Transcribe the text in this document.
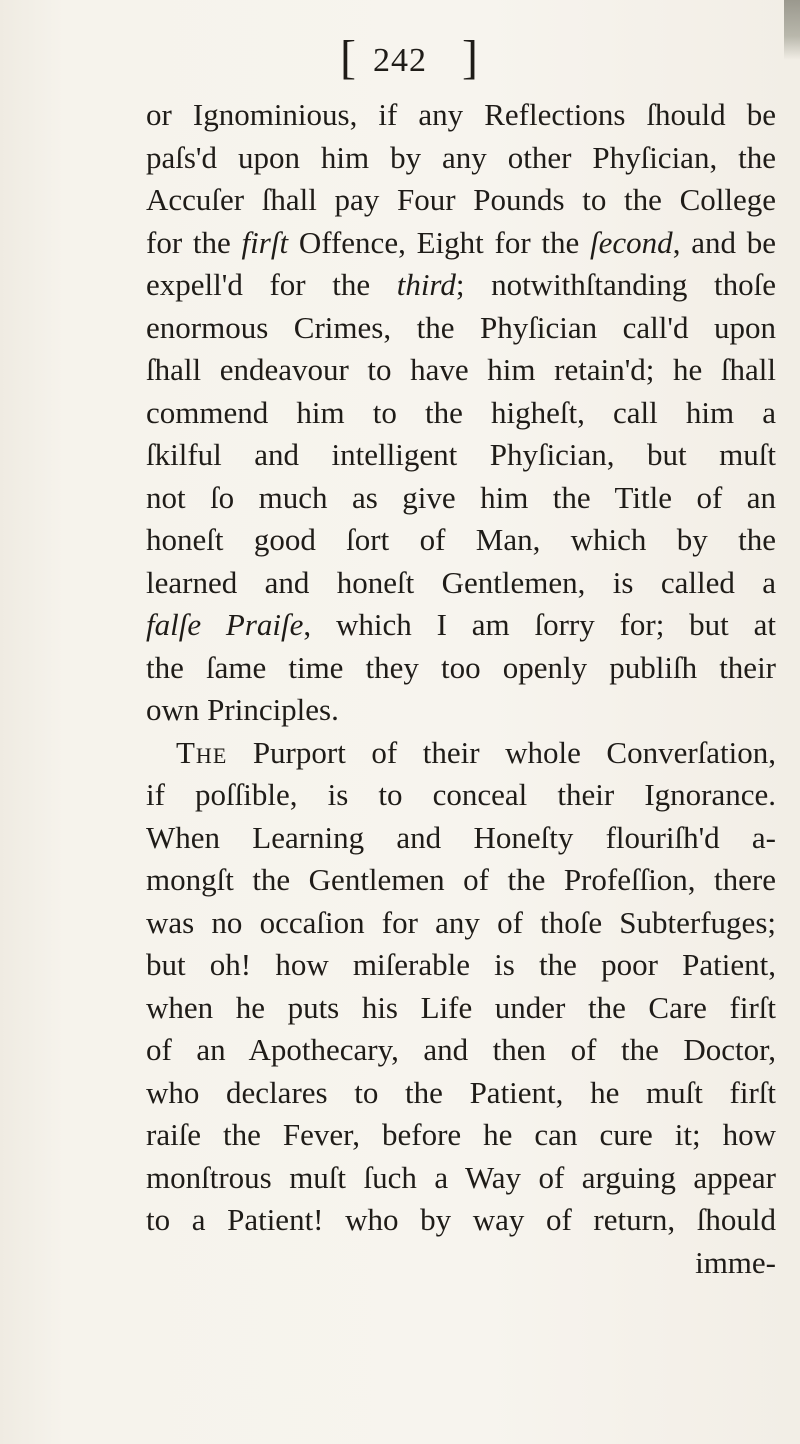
[ 242 ]
or Ignominious, if any Reflections ſhould be
paſs'd upon him by any other Phyſician, the
Accuſer ſhall pay Four Pounds to the College
for the firſt Offence, Eight for the ſecond, and be
expell'd for the third; notwithſtanding thoſe
enormous Crimes, the Phyſician call'd upon
ſhall endeavour to have him retain'd; he ſhall
commend him to the higheſt, call him a
ſkilful and intelligent Phyſician, but muſt
not ſo much as give him the Title of an
honeſt good ſort of Man, which by the
learned and honeſt Gentlemen, is called a
falſe Praiſe, which I am ſorry for; but at
the ſame time they too openly publiſh their
own Principles.
The Purport of their whole Converſation,
if poſſible, is to conceal their Ignorance.
When Learning and Honeſty flouriſh'd a-
mongſt the Gentlemen of the Profeſſion, there
was no occaſion for any of thoſe Subterfuges;
but oh! how miſerable is the poor Patient,
when he puts his Life under the Care firſt
of an Apothecary, and then of the Doctor,
who declares to the Patient, he muſt firſt
raiſe the Fever, before he can cure it; how
monſtrous muſt ſuch a Way of arguing appear
to a Patient! who by way of return, ſhould
imme-
